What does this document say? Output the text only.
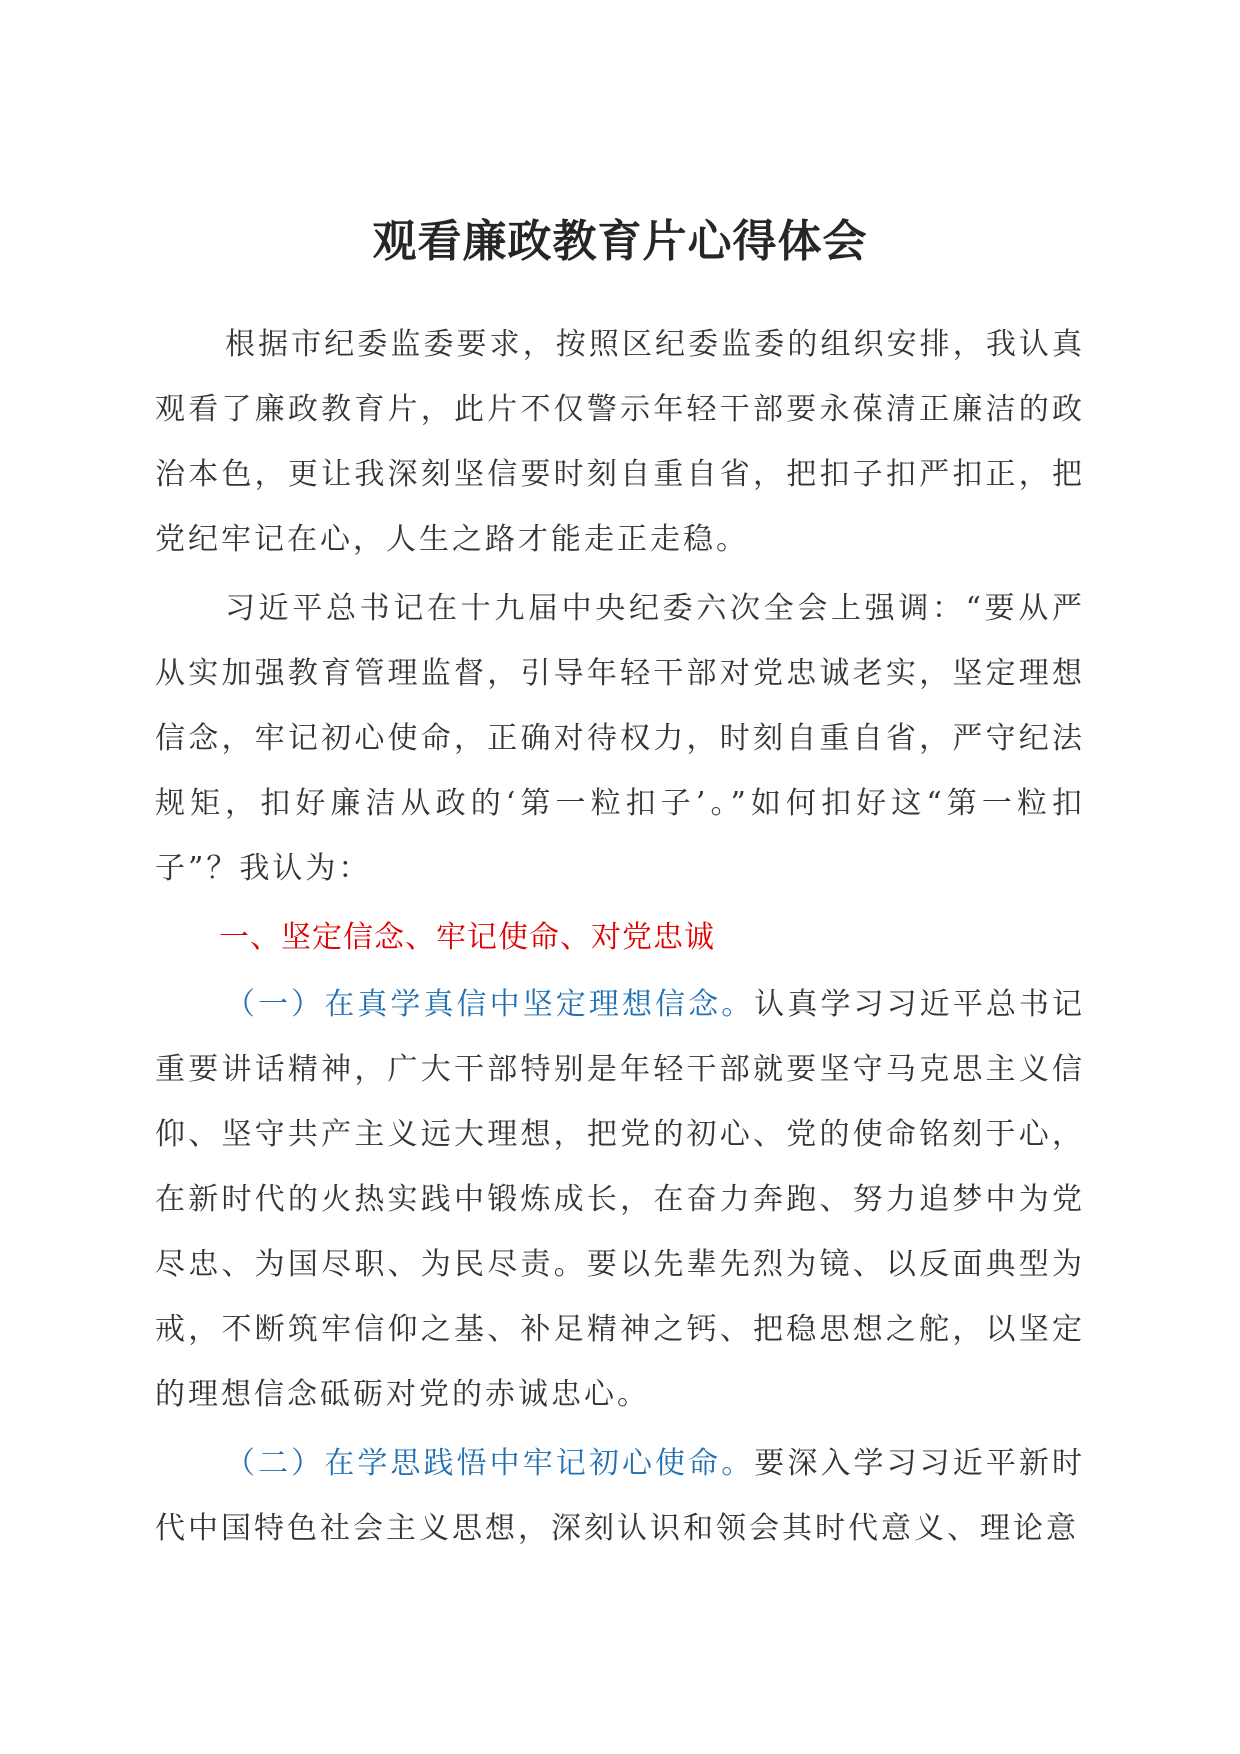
观看廉政教育片心得体会

根据市纪委监委要求，按照区纪委监委的组织安排，我认真观看了廉政教育片，此片不仅警示年轻干部要永葆清正廉洁的政治本色，更让我深刻坚信要时刻自重自省，把扣子扣严扣正，把党纪牢记在心，人生之路才能走正走稳。

习近平总书记在十九届中央纪委六次全会上强调：“要从严从实加强教育管理监督，引导年轻干部对党忠诚老实，坚定理想信念，牢记初心使命，正确对待权力，时刻自重自省，严守纪法规矩，扣好廉洁从政的‘第一粒扣子’。”如何扣好这“第一粒扣子”？我认为：

一、坚定信念、牢记使命、对党忠诚

（一）在真学真信中坚定理想信念。认真学习习近平总书记重要讲话精神，广大干部特别是年轻干部就要坚守马克思主义信仰、坚守共产主义远大理想，把党的初心、党的使命铭刻于心，在新时代的火热实践中锻炼成长，在奋力奔跑、努力追梦中为党尽忠、为国尽职、为民尽责。要以先辈先烈为镜、以反面典型为戒，不断筑牢信仰之基、补足精神之钙、把稳思想之舵，以坚定的理想信念砥砺对党的赤诚忠心。

（二）在学思践悟中牢记初心使命。要深入学习习近平新时代中国特色社会主义思想，深刻认识和领会其时代意义、理论意
